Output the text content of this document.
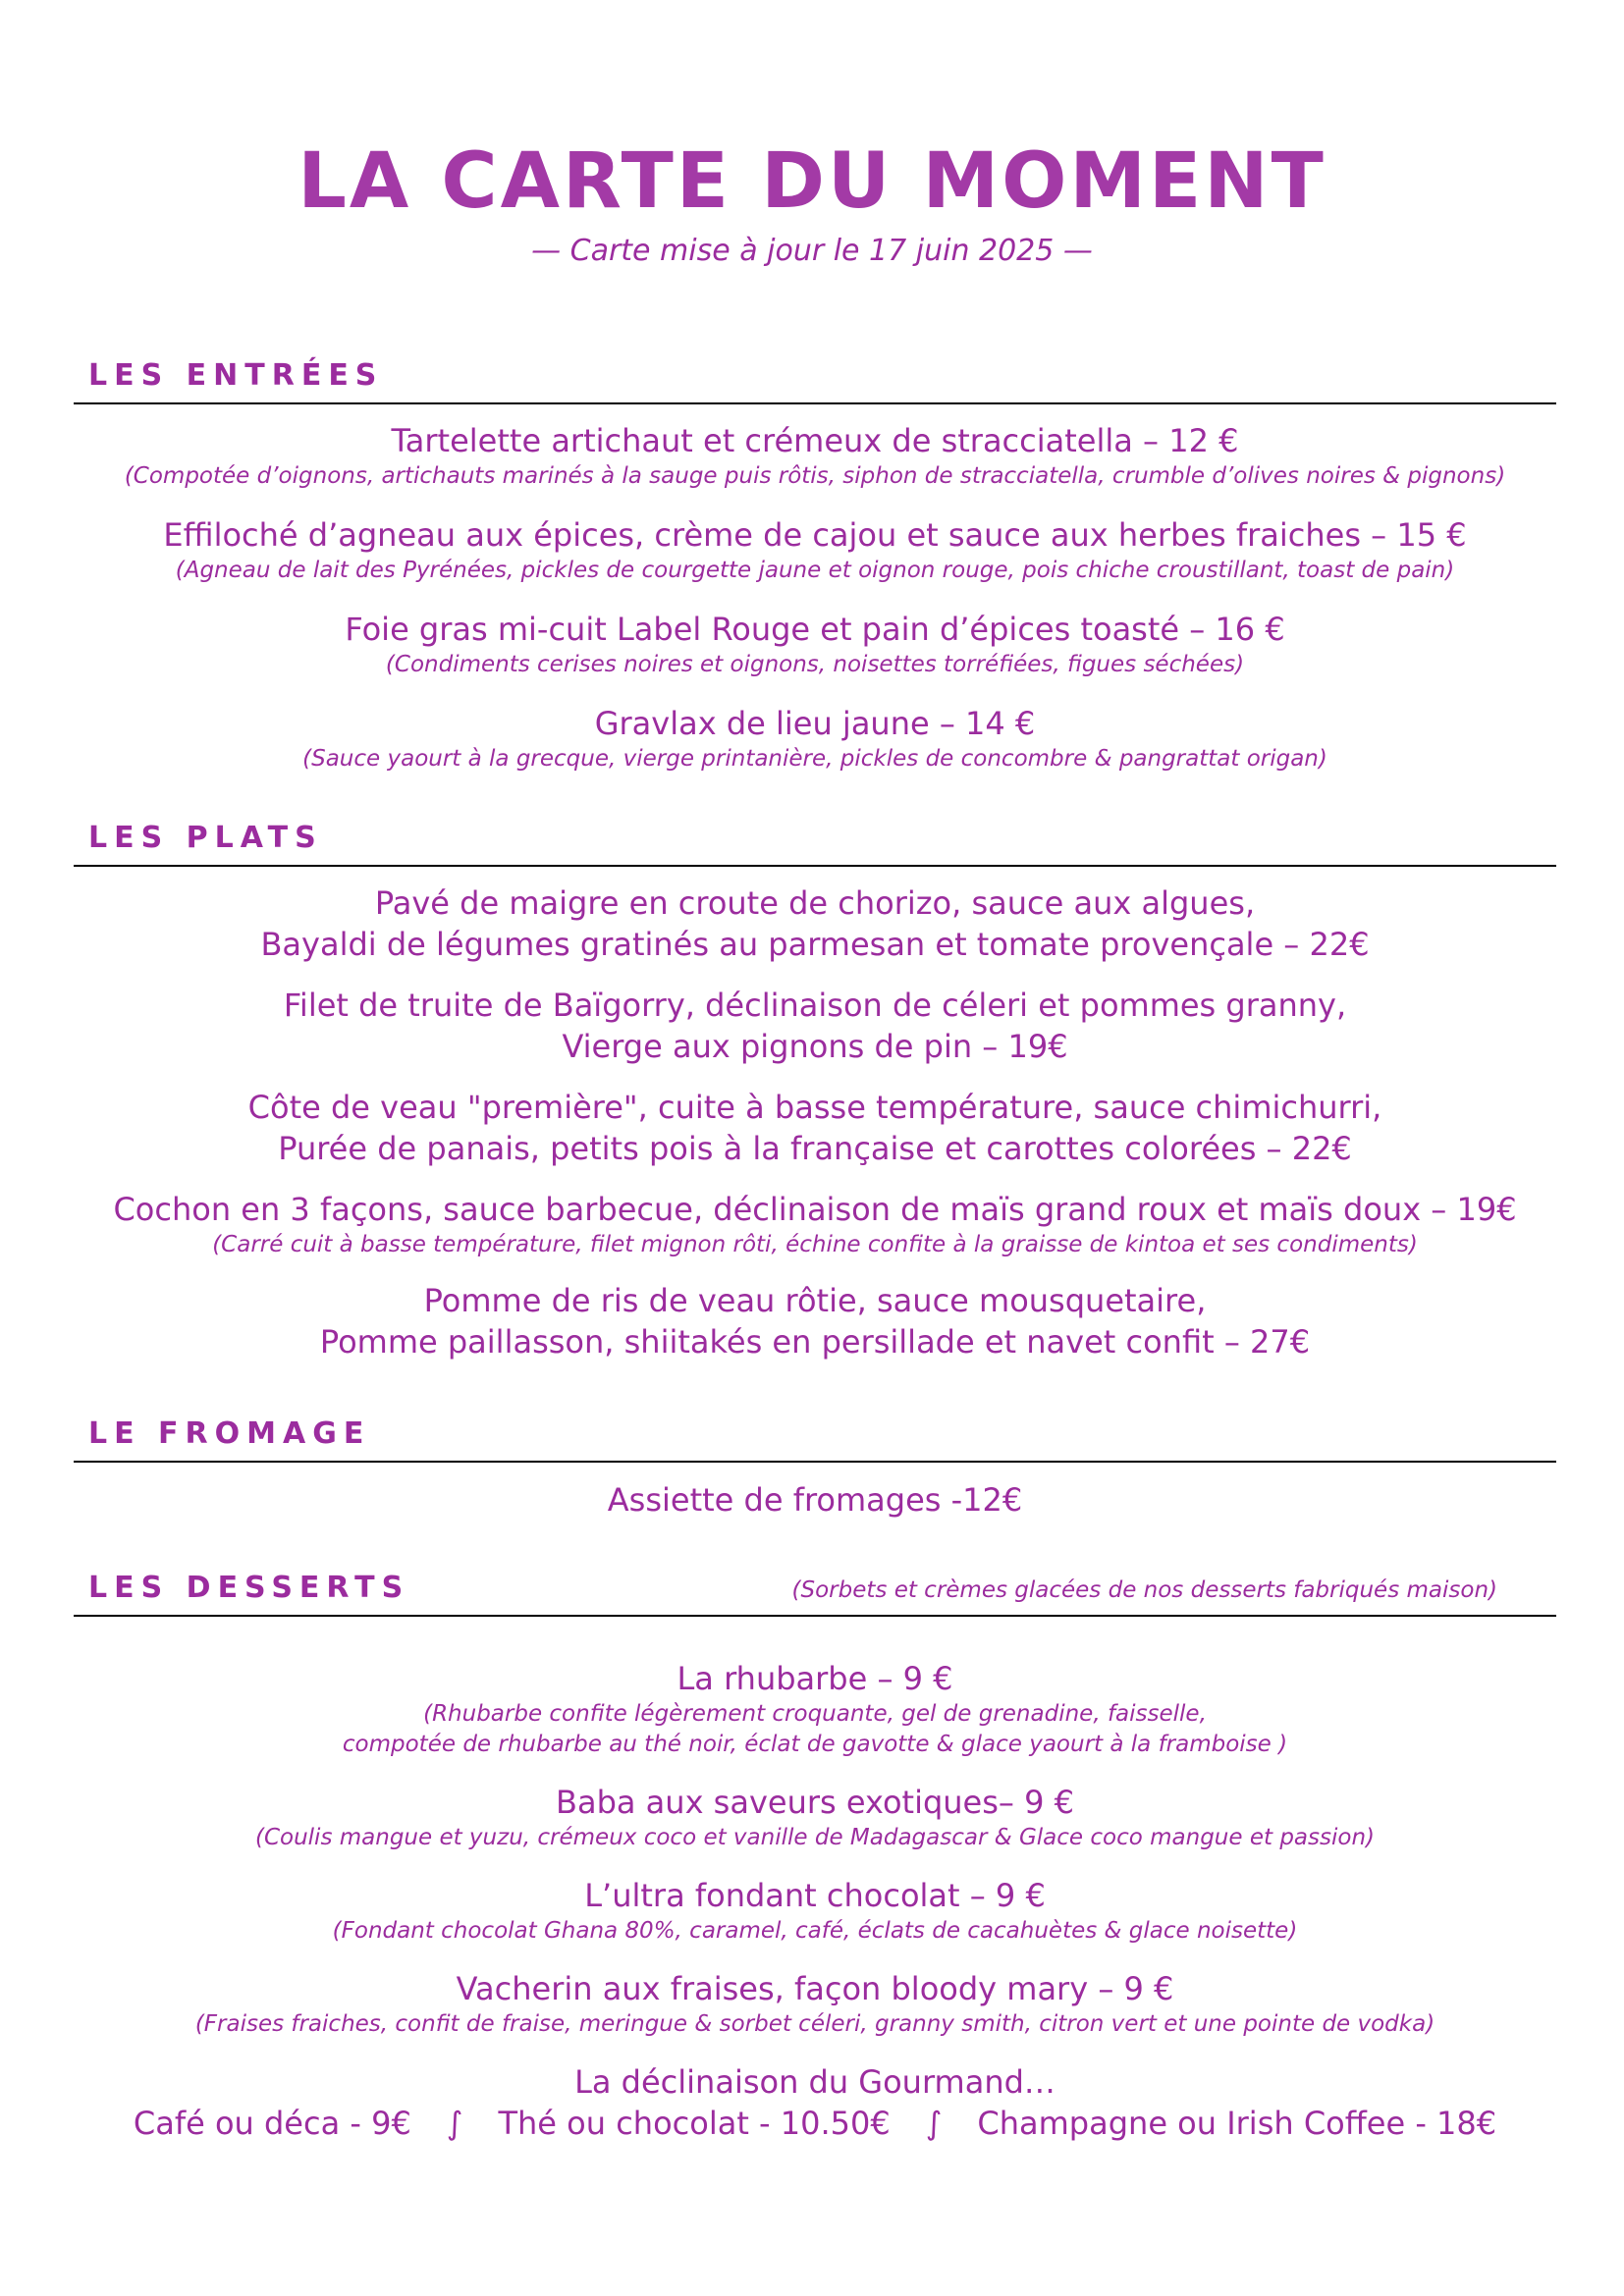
LA CARTE DU MOMENT
— Carte mise à jour le 17 juin 2025 —
LES ENTRÉES

Tartelette artichaut et crémeux de stracciatella – 12 €
(Compotée d’oignons, artichauts marinés à la sauge puis rôtis, siphon de stracciatella, crumble d’olives noires & pignons)

Effiloché d’agneau aux épices, crème de cajou et sauce aux herbes fraiches – 15 €
(Agneau de lait des Pyrénées, pickles de courgette jaune et oignon rouge, pois chiche croustillant, toast de pain)

Foie gras mi-cuit Label Rouge et pain d’épices toasté – 16 €
(Condiments cerises noires et oignons, noisettes torréfiées, figues séchées)

Gravlax de lieu jaune – 14 €
(Sauce yaourt à la grecque, vierge printanière, pickles de concombre & pangrattat origan)

LES PLATS

Pavé de maigre en croute de chorizo, sauce aux algues,
Bayaldi de légumes gratinés au parmesan et tomate provençale – 22€

Filet de truite de Baïgorry, déclinaison de céleri et pommes granny,
Vierge aux pignons de pin – 19€

Côte de veau "première", cuite à basse température, sauce chimichurri,
Purée de panais, petits pois à la française et carottes colorées – 22€

Cochon en 3 façons, sauce barbecue, déclinaison de maïs grand roux et maïs doux – 19€
(Carré cuit à basse température, filet mignon rôti, échine confite à la graisse de kintoa et ses condiments)

Pomme de ris de veau rôtie, sauce mousquetaire,
Pomme paillasson, shiitakés en persillade et navet confit – 27€

LE FROMAGE

Assiette de fromages -12€

LES DESSERTS	(Sorbets et crèmes glacées de nos desserts fabriqués maison)

La rhubarbe – 9 €
(Rhubarbe confite légèrement croquante, gel de grenadine, faisselle,
compotée de rhubarbe au thé noir, éclat de gavotte & glace yaourt à la framboise )

Baba aux saveurs exotiques– 9 €
(Coulis mangue et yuzu, crémeux coco et vanille de Madagascar & Glace coco mangue et passion)

L’ultra fondant chocolat – 9 €
(Fondant chocolat Ghana 80%, caramel, café, éclats de cacahuètes & glace noisette)

Vacherin aux fraises, façon bloody mary – 9 €
(Fraises fraiches, confit de fraise, meringue & sorbet céleri, granny smith, citron vert et une pointe de vodka)

La déclinaison du Gourmand…
Café ou déca - 9€ ∫ Thé ou chocolat - 10.50€ ∫ Champagne ou Irish Coffee - 18€
